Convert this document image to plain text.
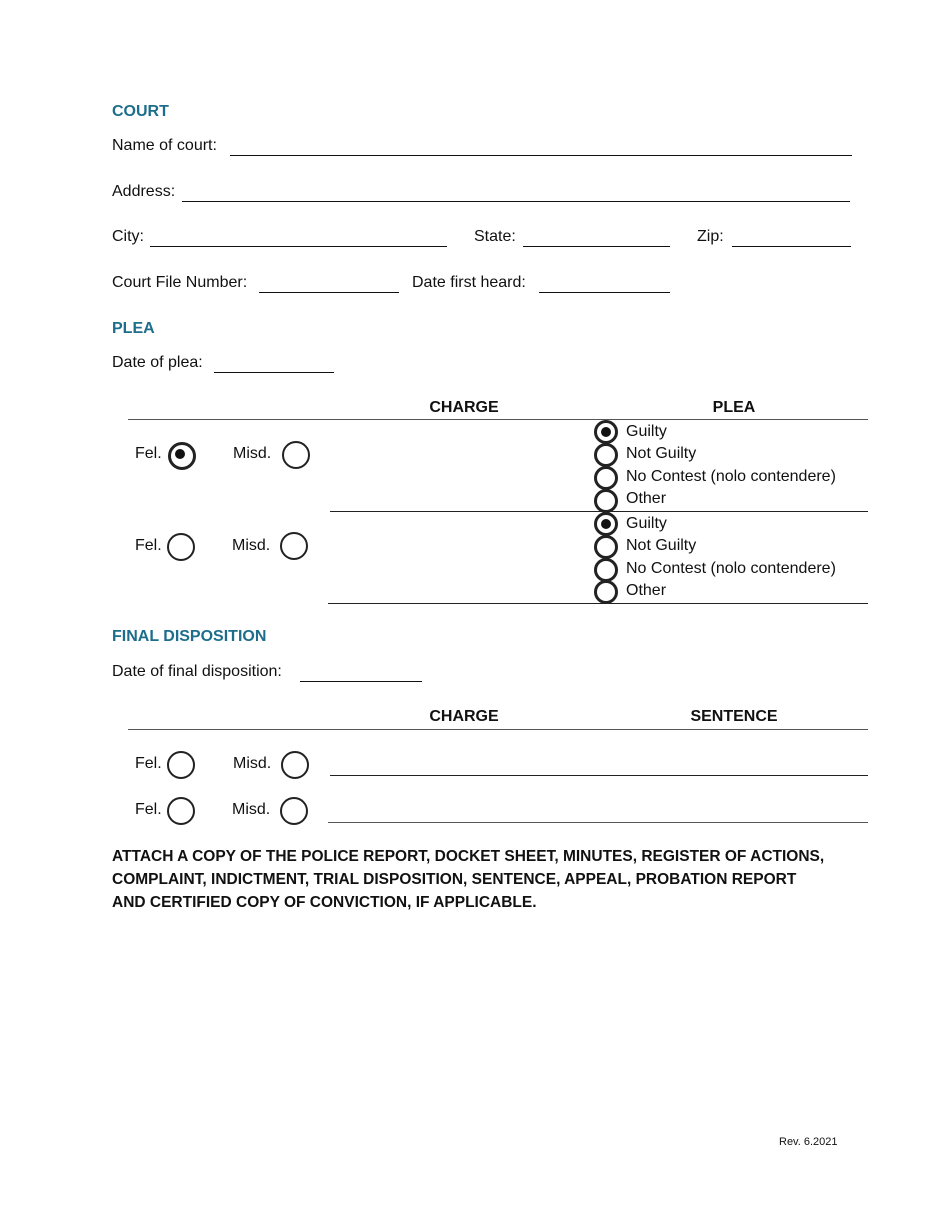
COURT
Name of court:
Address:
City:	State:	Zip:
Court File Number:	Date first heard:
PLEA
Date of plea:
CHARGE	PLEA
Fel.	Misd.
Guilty
Not Guilty
No Contest (nolo contendere)
Other
Fel.	Misd.
Guilty
Not Guilty
No Contest (nolo contendere)
Other
FINAL DISPOSITION
Date of final disposition:
CHARGE	SENTENCE
Fel.	Misd.
Fel.	Misd.
ATTACH A COPY OF THE POLICE REPORT, DOCKET SHEET, MINUTES, REGISTER OF ACTIONS,
COMPLAINT, INDICTMENT, TRIAL DISPOSITION, SENTENCE, APPEAL, PROBATION REPORT
AND CERTIFIED COPY OF CONVICTION, IF APPLICABLE.
Rev. 6.2021
